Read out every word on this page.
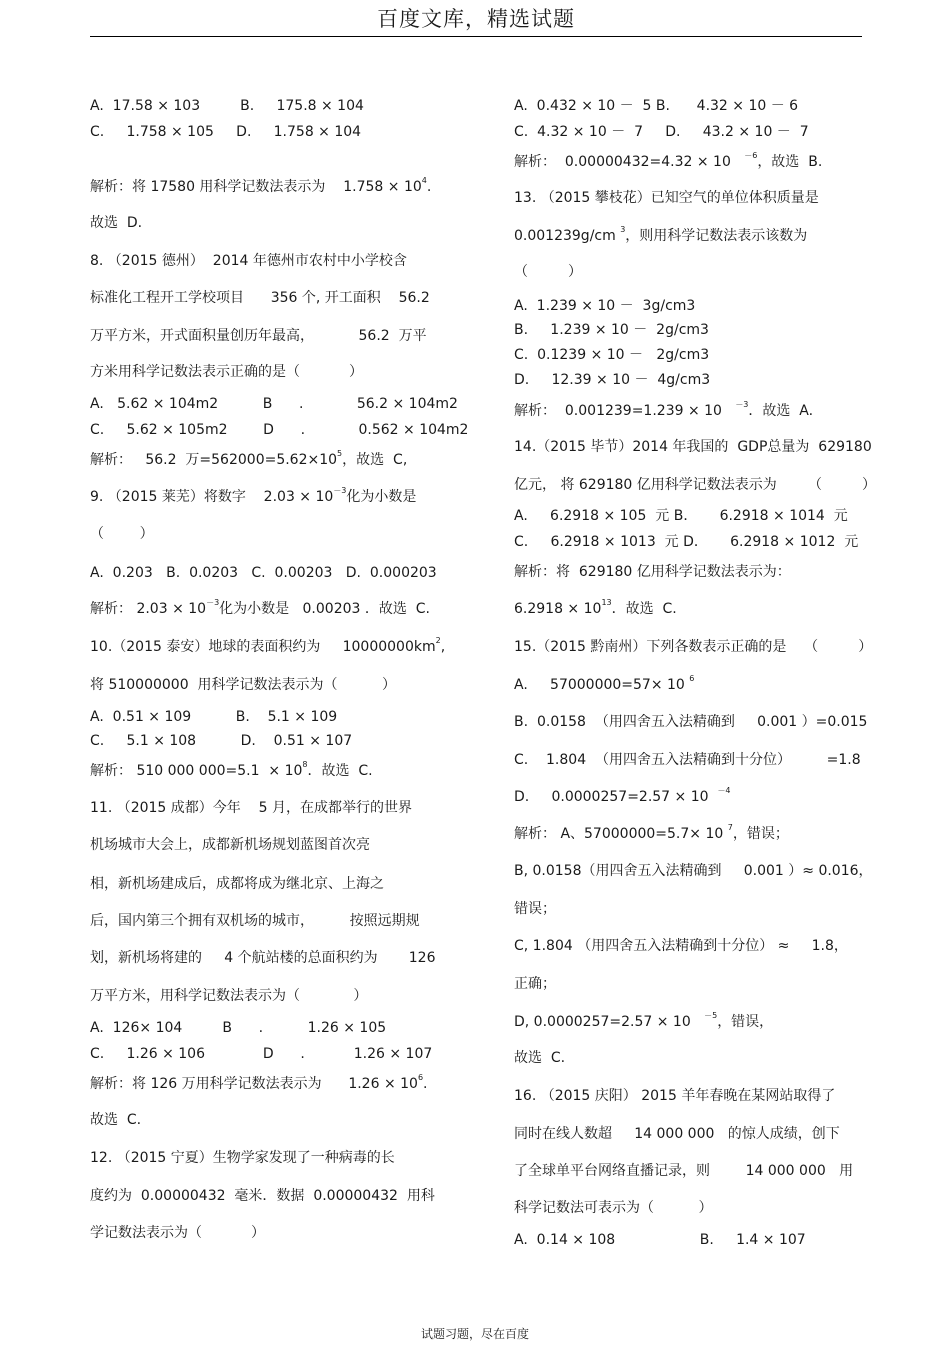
百度文库，精选试题
A.  17.58 × 103         B.     175.8 × 104
C.     1.758 × 105     D.     1.758 × 104
解析：将 17580 用科学记数法表示为    $1.758 \times 10^4$.
故选  D.
8. （2015 德州）  2014 年德州市农村中小学校含
标准化工程开工学校项目      356 个, 开工面积    56.2
万平方米，开式面积量创历年最高，          56.2  万平
方米用科学记数法表示正确的是（           ）
A.   5.62 × 104m2          B      .            56.2 × 104m2
C.     5.62 × 105m2        D      .            0.562 × 104m2
解析：   56.2  万$=562000=5.62\times 10^5$，故选  C,
9. （2015 莱芜）将数字    $2.03 \times 10^{-3}$化为小数是
（        ）
A.  0.203   B.  0.0203   C.  0.00203   D.  0.000203
解析： $2.03 \times 10^{-3}$化为小数是   0.00203 ．故选  C.
10.（2015 泰安）地球的表面积约为     $10000000km^2$,
将 510000000  用科学记数法表示为（          ）
A.  0.51 × 109          B.    5.1 × 109
C.     5.1 × 108          D.    0.51 × 107
解析： 510 000 $000=5.1 \times 10^8$．故选  C.
11. （2015 成都）今年    5 月，在成都举行的世界
机场城市大会上，成都新机场规划蓝图首次亮
相，新机场建成后，成都将成为继北京、上海之
后，国内第三个拥有双机场的城市，        按照远期规
划，新机场将建的     4 个航站楼的总面积约为       126
万平方米，用科学记数法表示为（            ）
A.  126× 104         B      .          1.26 × 105
C.     1.26 × 106             D      .           1.26 × 107
解析：将 126 万用科学记数法表示为      $1.26 \times 10^6$.
故选  C.
12. （2015 宁夏）生物学家发现了一种病毒的长
度约为  0.00000432  毫米．数据  0.00000432  用科
学记数法表示为（           ）
A.  0.432 × 10 －  5 B.      4.32 × 10 － 6
C.  4.32 × 10 －  7     D.     43.2 × 10 －  7
解析：  0.00000432=4.32 × 10   $^{-6}$，故选  B.
13. （2015 攀枝花）已知空气的单位体积质量是
0.001239g/cm $^3$，则用科学记数法表示该数为
（         ）
A.  1.239 × 10 －  3g/cm3
B.     1.239 × 10 －  2g/cm3
C.  0.1239 × 10 －   2g/cm3
D.     12.39 × 10 －  4g/cm3
解析：  0.001239=1.239 × 10   $^{-3}$．故选  A.
14.（2015 毕节）2014 年我国的  GDP总量为  629180
亿元， 将 629180 亿用科学记数法表示为       （         ）
A.     6.2918 × 105  元 B．     6.2918 × 1014  元
C.     6.2918 × 1013  元 D．     6.2918 × 1012  元
解析：将  629180 亿用科学记数法表示为：
$6.2918 \times 10^{13}$．故选  C.
15.（2015 黔南州）下列各数表示正确的是    （         ）
A.     57000000=57× 10 $^6$
B.  0.0158  （用四舍五入法精确到     0.001 ）=0.015
C.    1.804  （用四舍五入法精确到十分位）        =1.8
D.     0.0000257=2.57 × 10  $^{-4}$
解析： A、57000000=5.7× 10 $^7$，错误；
B, 0.0158（用四舍五入法精确到     0.001 ）≈ 0.016，
错误；
C, 1.804 （用四舍五入法精确到十分位） ≈     1.8，
正确；
D, 0.0000257=2.57 × 10   $^{-5}$，错误，
故选  C.
16. （2015 庆阳） 2015 羊年春晚在某网站取得了
同时在线人数超     14 000 000   的惊人成绩，创下
了全球单平台网络直播记录，则        14 000 000   用
科学记数法可表示为（          ）
A.  0.14 × 108                   B.     1.4 × 107
试题习题，尽在百度
